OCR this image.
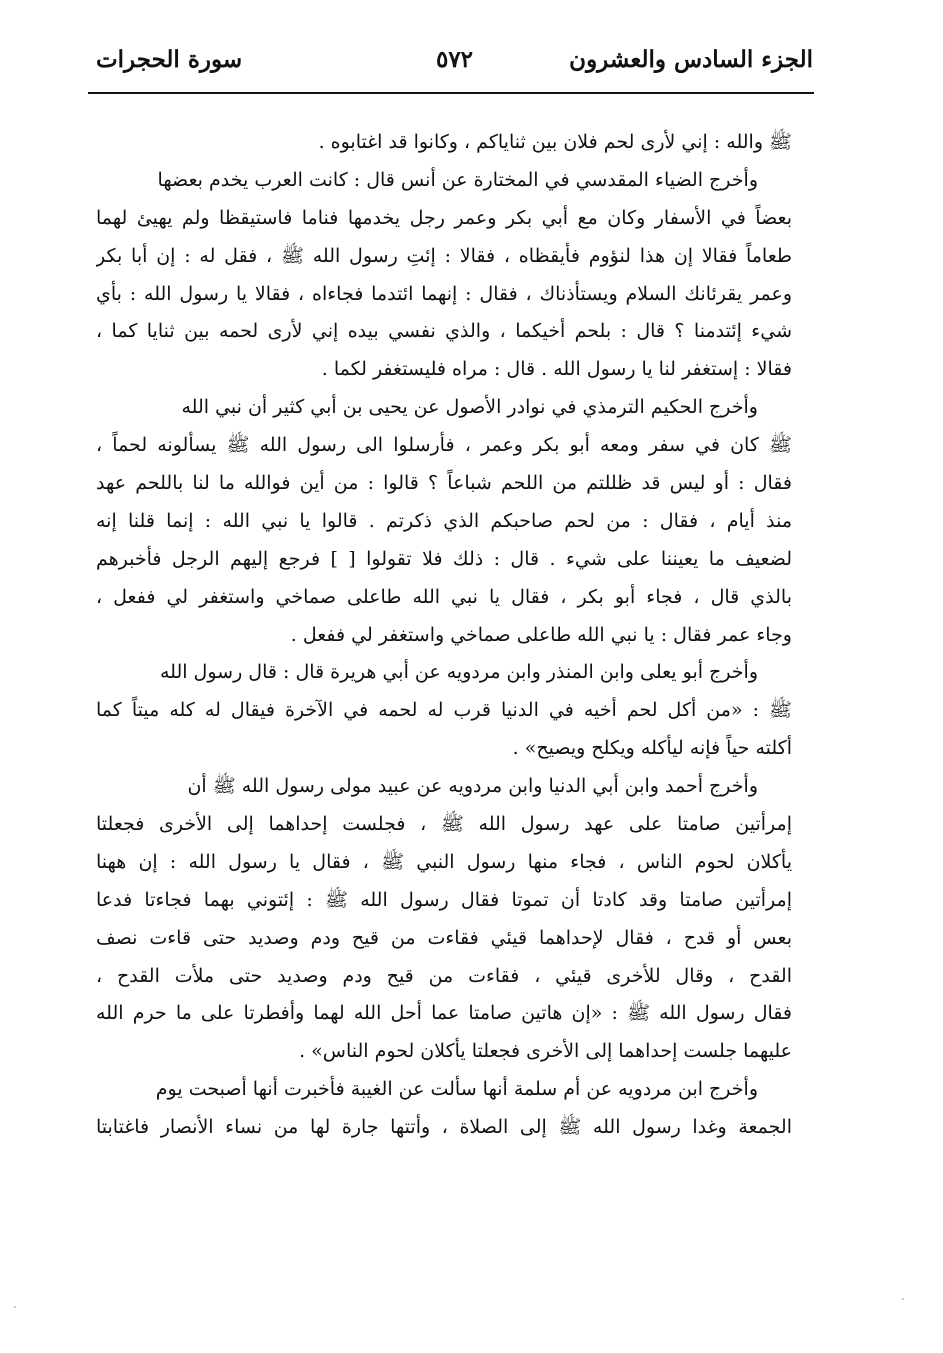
الجزء السادس والعشرون
٥٧٢
سورة الحجرات
ﷺ والله : إني لأرى لحم فلان بين ثناياكم ، وكانوا قد اغتابوه .
وأخرج الضياء المقدسي في المختارة عن أنس قال : كانت العرب يخدم بعضها
بعضاً في الأسفار وكان مع أبي بكر وعمر رجل يخدمها فناما فاستيقظا ولم يهيئ لهما
طعاماً فقالا إن هذا لنؤوم فأيقظاه ، فقالا : إئتِ رسول الله ﷺ ، فقل له : إن أبا بكر
وعمر يقرئانك السلام ويستأذناك ، فقال : إنهما ائتدما فجاءاه ، فقالا يا رسول الله : بأي
شيء إئتدمنا ؟ قال : بلحم أخيكما ، والذي نفسي بيده إني لأرى لحمه بين ثنايا كما ،
فقالا : إستغفر لنا يا رسول الله . قال : مراه فليستغفر لكما .
وأخرج الحكيم الترمذي في نوادر الأصول عن يحيى بن أبي كثير أن نبي الله
ﷺ كان في سفر ومعه أبو بكر وعمر ، فأرسلوا الى رسول الله ﷺ يسألونه لحماً ،
فقال : أو ليس قد ظللتم من اللحم شباعاً ؟ قالوا : من أين فوالله ما لنا باللحم عهد
منذ أيام ، فقال : من لحم صاحبكم الذي ذكرتم . قالوا يا نبي الله : إنما قلنا إنه
لضعيف ما يعيننا على شيء . قال : ذلك فلا تقولوا [ ] فرجع إليهم الرجل فأخبرهم
بالذي قال ، فجاء أبو بكر ، فقال يا نبي الله طاعلى صماخي واستغفر لي ففعل ،
وجاء عمر فقال : يا نبي الله طاعلى صماخي واستغفر لي ففعل .
وأخرج أبو يعلى وابن المنذر وابن مردويه عن أبي هريرة قال : قال رسول الله
ﷺ : «من أكل لحم أخيه في الدنيا قرب له لحمه في الآخرة فيقال له كله ميتاً كما
أكلته حياً فإنه ليأكله ويكلح ويصيح» .
وأخرج أحمد وابن أبي الدنيا وابن مردويه عن عبيد مولى رسول الله ﷺ أن
إمرأتين صامتا على عهد رسول الله ﷺ ، فجلست إحداهما إلى الأخرى فجعلتا
يأكلان لحوم الناس ، فجاء منها رسول النبي ﷺ ، فقال يا رسول الله : إن ههنا
إمرأتين صامتا وقد كادتا أن تموتا فقال رسول الله ﷺ : إئتوني بهما فجاءتا فدعا
بعس أو قدح ، فقال لإحداهما قيئي فقاءت من قيح ودم وصديد حتى قاءت نصف
القدح ، وقال للأخرى قيئي ، فقاءت من قيح ودم وصديد حتى ملأت القدح ،
فقال رسول الله ﷺ : «إن هاتين صامتا عما أحل الله لهما وأفطرتا على ما حرم الله
عليهما جلست إحداهما إلى الأخرى فجعلتا يأكلان لحوم الناس» .
وأخرج ابن مردويه عن أم سلمة أنها سألت عن الغيبة فأخبرت أنها أصبحت يوم
الجمعة وغدا رسول الله ﷺ إلى الصلاة ، وأتتها جارة لها من نساء الأنصار فاغتابتا
